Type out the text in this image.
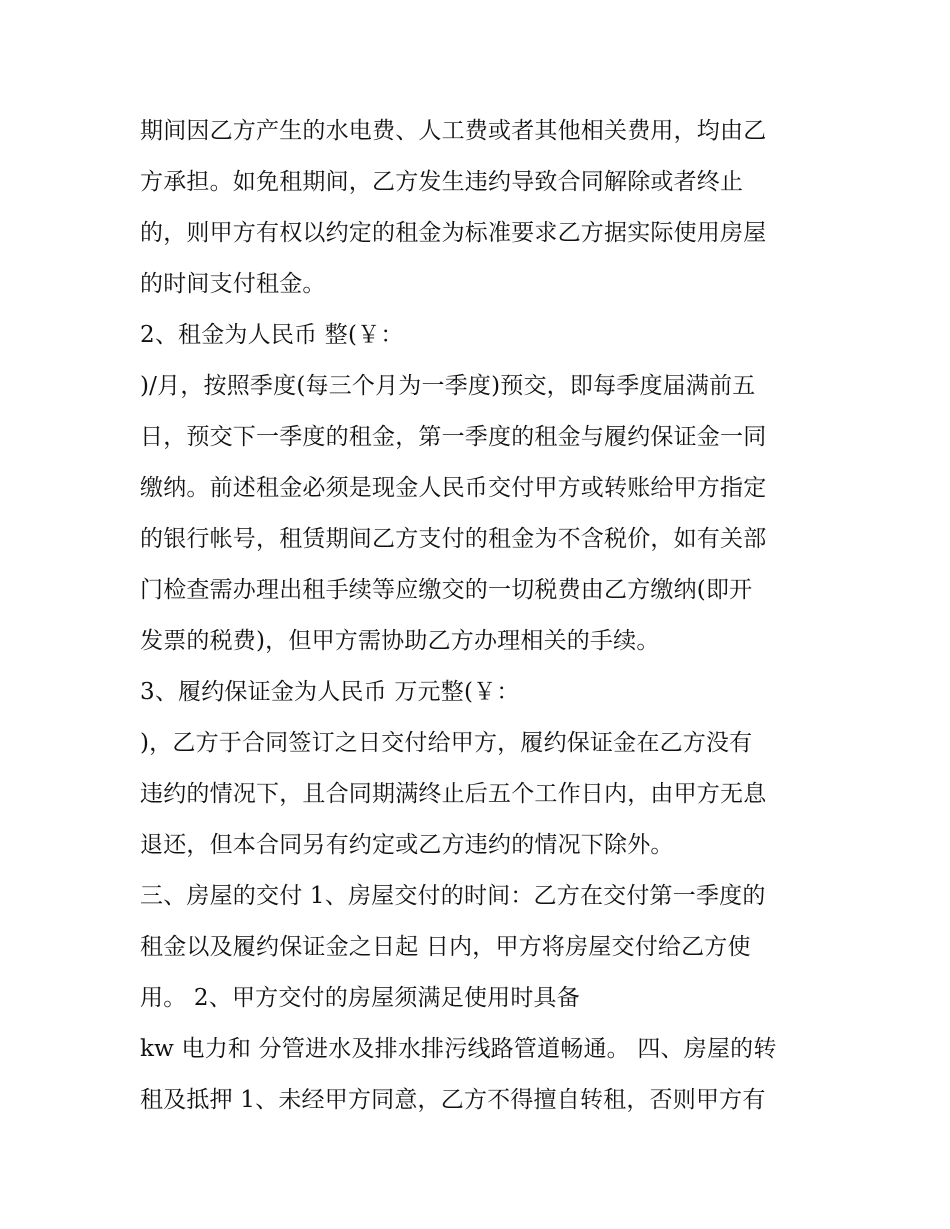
期间因乙方产生的水电费、人工费或者其他相关费用，均由乙
方承担。如免租期间，乙方发生违约导致合同解除或者终止
的，则甲方有权以约定的租金为标准要求乙方据实际使用房屋
的时间支付租金。
2、租金为人民币 整(￥：
)/月，按照季度(每三个月为一季度)预交，即每季度届满前五
日，预交下一季度的租金，第一季度的租金与履约保证金一同
缴纳。前述租金必须是现金人民币交付甲方或转账给甲方指定
的银行帐号，租赁期间乙方支付的租金为不含税价，如有关部
门检查需办理出租手续等应缴交的一切税费由乙方缴纳(即开
发票的税费)，但甲方需协助乙方办理相关的手续。
3、履约保证金为人民币 万元整(￥：
)，乙方于合同签订之日交付给甲方，履约保证金在乙方没有
违约的情况下，且合同期满终止后五个工作日内，由甲方无息
退还，但本合同另有约定或乙方违约的情况下除外。
三、房屋的交付 1、房屋交付的时间：乙方在交付第一季度的
租金以及履约保证金之日起 日内，甲方将房屋交付给乙方使
用。 2、甲方交付的房屋须满足使用时具备
kw 电力和 分管进水及排水排污线路管道畅通。 四、房屋的转
租及抵押 1、未经甲方同意，乙方不得擅自转租，否则甲方有
